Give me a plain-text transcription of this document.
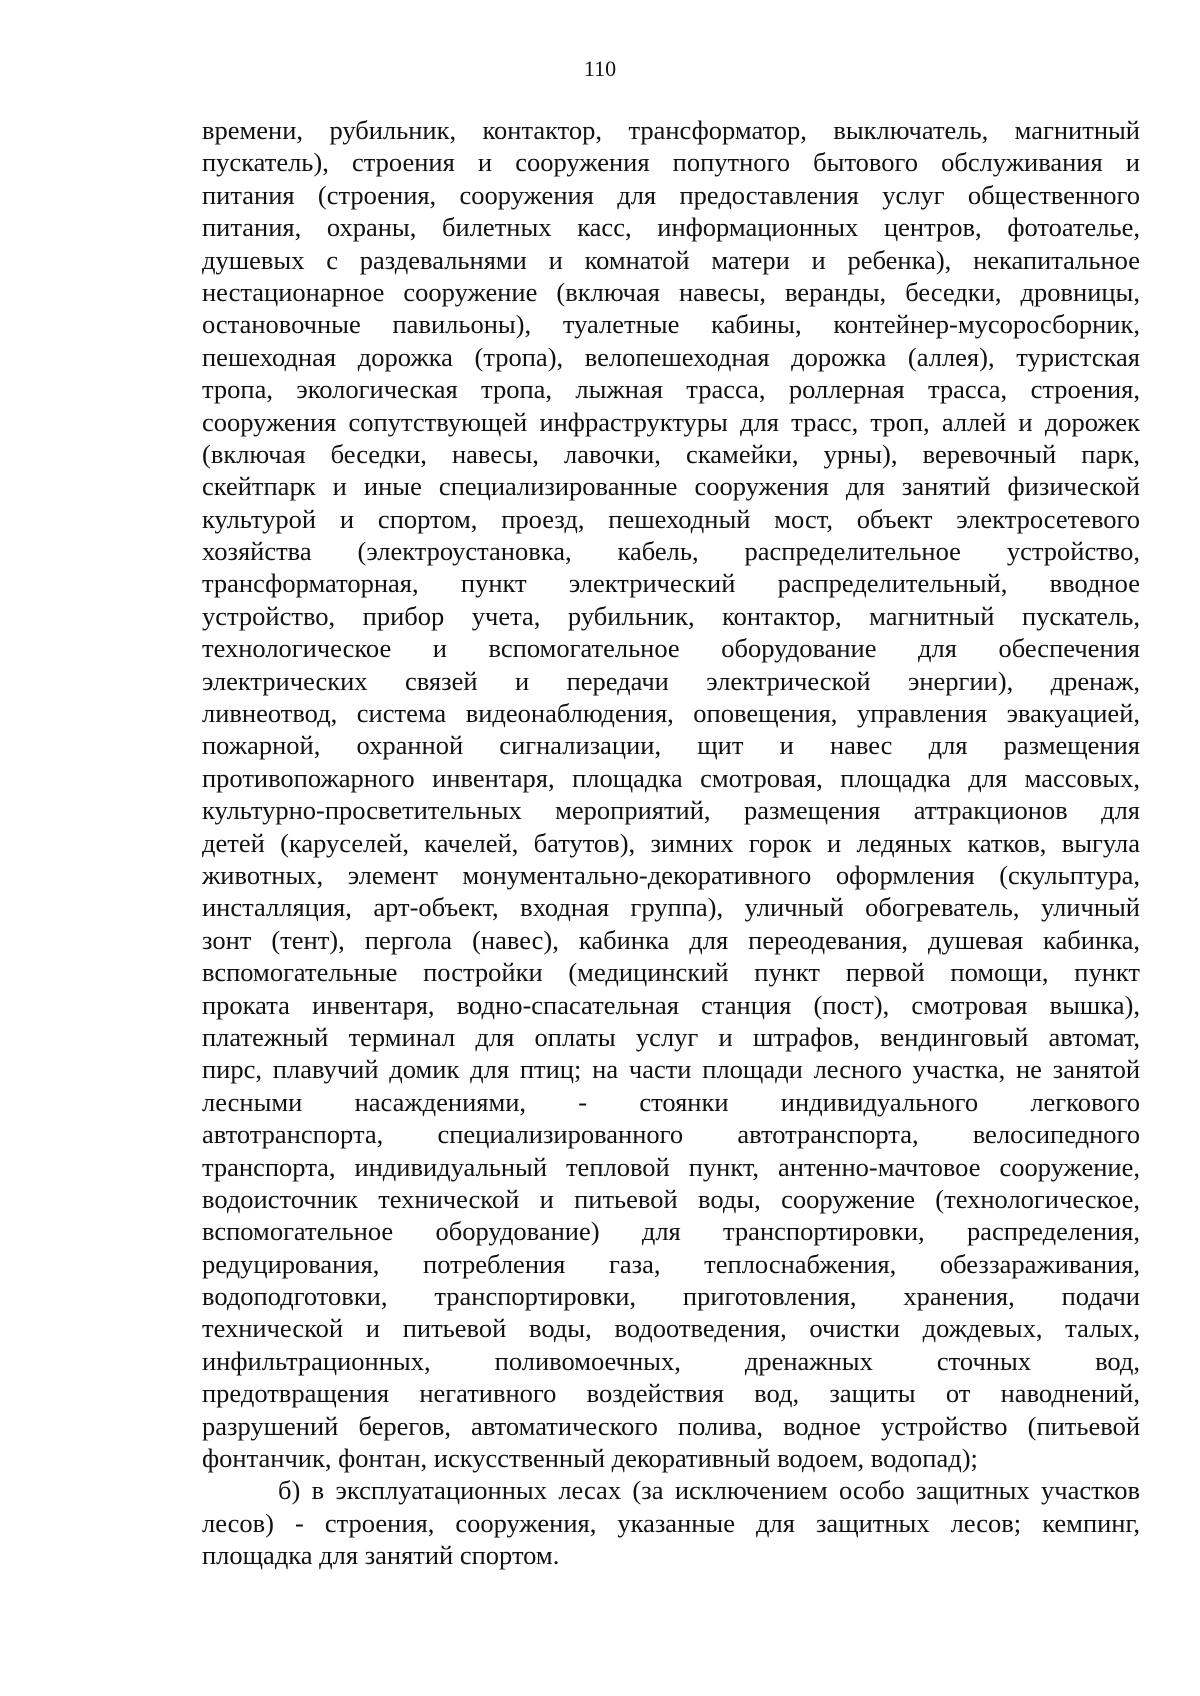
110
времени, рубильник, контактор, трансформатор, выключатель, магнитный
пускатель), строения и сооружения попутного бытового обслуживания и
питания (строения, сооружения для предоставления услуг общественного
питания, охраны, билетных касс, информационных центров, фотоателье,
душевых с раздевальнями и комнатой матери и ребенка), некапитальное
нестационарное сооружение (включая навесы, веранды, беседки, дровницы,
остановочные павильоны), туалетные кабины, контейнер-мусоросборник,
пешеходная дорожка (тропа), велопешеходная дорожка (аллея), туристская
тропа, экологическая тропа, лыжная трасса, роллерная трасса, строения,
сооружения сопутствующей инфраструктуры для трасс, троп, аллей и дорожек
(включая беседки, навесы, лавочки, скамейки, урны), веревочный парк,
скейтпарк и иные специализированные сооружения для занятий физической
культурой и спортом, проезд, пешеходный мост, объект электросетевого
хозяйства (электроустановка, кабель, распределительное устройство,
трансформаторная, пункт электрический распределительный, вводное
устройство, прибор учета, рубильник, контактор, магнитный пускатель,
технологическое и вспомогательное оборудование для обеспечения
электрических связей и передачи электрической энергии), дренаж,
ливнеотвод, система видеонаблюдения, оповещения, управления эвакуацией,
пожарной, охранной сигнализации, щит и навес для размещения
противопожарного инвентаря, площадка смотровая, площадка для массовых,
культурно-просветительных мероприятий, размещения аттракционов для
детей (каруселей, качелей, батутов), зимних горок и ледяных катков, выгула
животных, элемент монументально-декоративного оформления (скульптура,
инсталляция, арт-объект, входная группа), уличный обогреватель, уличный
зонт (тент), пергола (навес), кабинка для переодевания, душевая кабинка,
вспомогательные постройки (медицинский пункт первой помощи, пункт
проката инвентаря, водно-спасательная станция (пост), смотровая вышка),
платежный терминал для оплаты услуг и штрафов, вендинговый автомат,
пирс, плавучий домик для птиц; на части площади лесного участка, не занятой
лесными насаждениями, - стоянки индивидуального легкового
автотранспорта, специализированного автотранспорта, велосипедного
транспорта, индивидуальный тепловой пункт, антенно-мачтовое сооружение,
водоисточник технической и питьевой воды, сооружение (технологическое,
вспомогательное оборудование) для транспортировки, распределения,
редуцирования, потребления газа, теплоснабжения, обеззараживания,
водоподготовки, транспортировки, приготовления, хранения, подачи
технической и питьевой воды, водоотведения, очистки дождевых, талых,
инфильтрационных, поливомоечных, дренажных сточных вод,
предотвращения негативного воздействия вод, защиты от наводнений,
разрушений берегов, автоматического полива, водное устройство (питьевой
фонтанчик, фонтан, искусственный декоративный водоем, водопад);
б) в эксплуатационных лесах (за исключением особо защитных участков
лесов) - строения, сооружения, указанные для защитных лесов; кемпинг,
площадка для занятий спортом.
